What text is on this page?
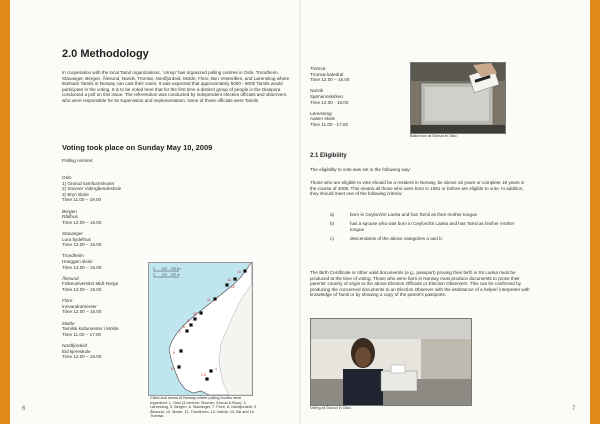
2.0 Methodology
In cooperation with the local Tamil organizations, `Umop' has organized polling centres in Oslo, Trondheim, Stavanger, Bergen, Ålesund, Narvik, Tromsø, Nordfjordeid, Molde, Flore, Bø i Vesterålen, and Lørenskog where 8sehaim Tamils in Norway can cast their votes. It was expected that approximately 5000 - 8000 Tamils would participate in the voting. It is to be noted here that for the first time a distinct group of people in the Diaspora conducted a poll on this issue. The referendum was conducted by independent election officials and observers, who were responsible for its supervision and implementation. None of these officials were Tamils.
Voting took place on Sunday May 10, 2009
Polling centres:
Oslo
1) Grorud samfunnshuset
2) Stovner Vidergåendeskole
3) Bryn skole
Time 11.00 – 19.00
Bergen
Rådhus
Time 12.00 – 16.00
Stavanger
Lura bydelhus
Time 12.00 – 16.00
Trondheim
Hoeggen skole
Time 12.00 – 16.00
Ålesund
Folkeuniversitet Midt-Norge
Time 12.00 – 16.00
Flore
Innvandrarsenter
Time 12.00 – 16.00
Molde
Tamilsk kultursenter i Molde
Time 11.00 – 17.00
Nordfjordeid
Eid kjereskole
Time 12.00 – 16.00
0 100 200 km
0 100 200 mi
14
13
12
11
10
9
8
7
6
5
1-3
4
Cities and towns of Norway where polling booths were organized: 1. Oslo (3 centres: Stovner, Grorud & Bryn), 4. Lørenskog, 5. Bergen, 6. Stavanger, 7. Flore, 8. Nordfjordeid, 9. Ålesund, 10. Molde, 11. Trondheim, 12. Narvik, 13. Bø and 14. Tromsø.
6
Tromsø
Tromsø katedral
Time 12.00 – 16.00
Narvik
Sjømannskirken
Time 12.00 - 16.00
Lørenskog
Aasen skole
Time 11.00 - 17.00
Ballot box at Grorud in Oslo.
2.1 Eligibility
The eligibility to vote was set in the following way:
Those who are eligible to vote should be a resident in Norway, be above 18 years or complete 18 years in the course of 2009. This means all those who were born in 1991 or before are eligible to vote. In addition, they should meet one of the following criteria:
a)	born in Ceylon/Sri Lanka and has Tamil as their mother tongue
b)	has a spouse who was born in Ceylon/Sri Lanka and has Tamil as his/her mother tongue
c)	descendants of the above categories a and b.
The Birth Certificate or other valid document/s (e.g., passport) proving their birth in Sri Lanka must be produced at the time of voting. Those who were born in Norway must produce documents to prove their parents' country of origin to the above Election Officials or Election Observers. This can be confirmed by producing the concerned documents to an Election Observer with the assistance of a helper/ interpreter with knowledge of Tamil or by showing a copy of the parent's passports.
Voting at Grorud in Oslo.	7
